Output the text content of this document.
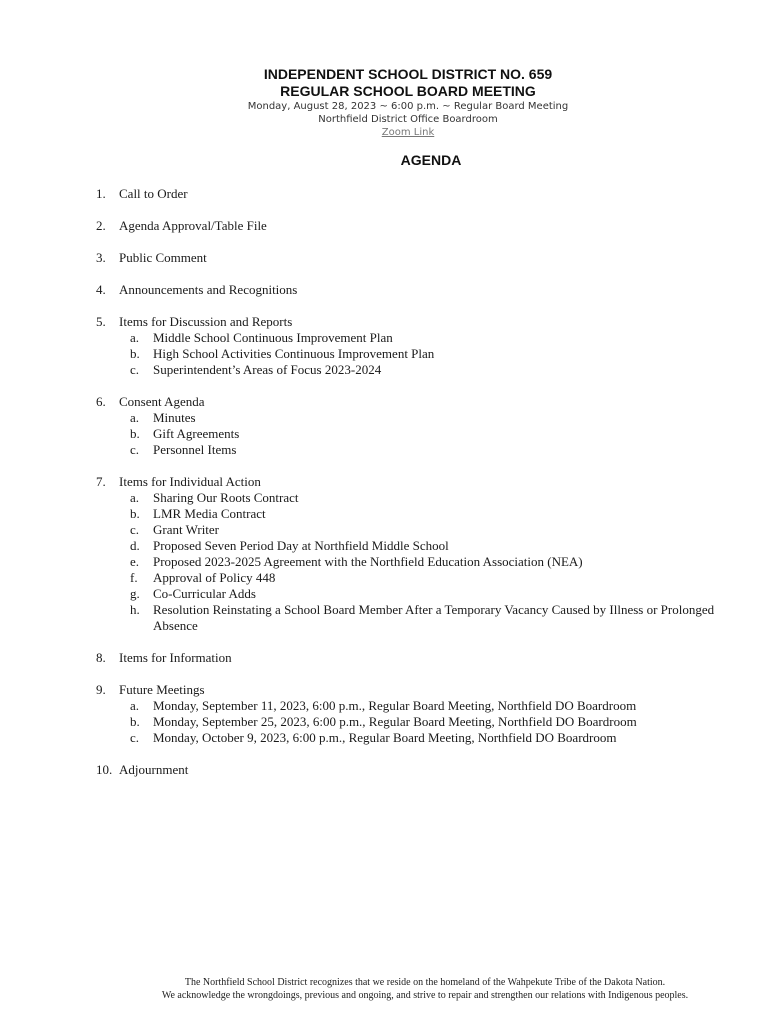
INDEPENDENT SCHOOL DISTRICT NO. 659
REGULAR SCHOOL BOARD MEETING
Monday, August 28, 2023 ~ 6:00 p.m. ~ Regular Board Meeting
Northfield District Office Boardroom
Zoom Link
AGENDA
1.	Call to Order
2.	Agenda Approval/Table File
3.	Public Comment
4.	Announcements and Recognitions
5.	Items for Discussion and Reports
a. Middle School Continuous Improvement Plan
b. High School Activities Continuous Improvement Plan
c. Superintendent’s Areas of Focus 2023-2024
6.	Consent Agenda
a. Minutes
b. Gift Agreements
c. Personnel Items
7.	Items for Individual Action
a. Sharing Our Roots Contract
b. LMR Media Contract
c. Grant Writer
d. Proposed Seven Period Day at Northfield Middle School
e. Proposed 2023-2025 Agreement with the Northfield Education Association (NEA)
f. Approval of Policy 448
g. Co-Curricular Adds
h. Resolution Reinstating a School Board Member After a Temporary Vacancy Caused by Illness or Prolonged Absence
8.	Items for Information
9.	Future Meetings
a. Monday, September 11, 2023, 6:00 p.m., Regular Board Meeting, Northfield DO Boardroom
b. Monday, September 25, 2023, 6:00 p.m., Regular Board Meeting, Northfield DO Boardroom
c. Monday, October 9, 2023, 6:00 p.m., Regular Board Meeting, Northfield DO Boardroom
10. Adjournment
The Northfield School District recognizes that we reside on the homeland of the Wahpekute Tribe of the Dakota Nation.
We acknowledge the wrongdoings, previous and ongoing, and strive to repair and strengthen our relations with Indigenous peoples.
